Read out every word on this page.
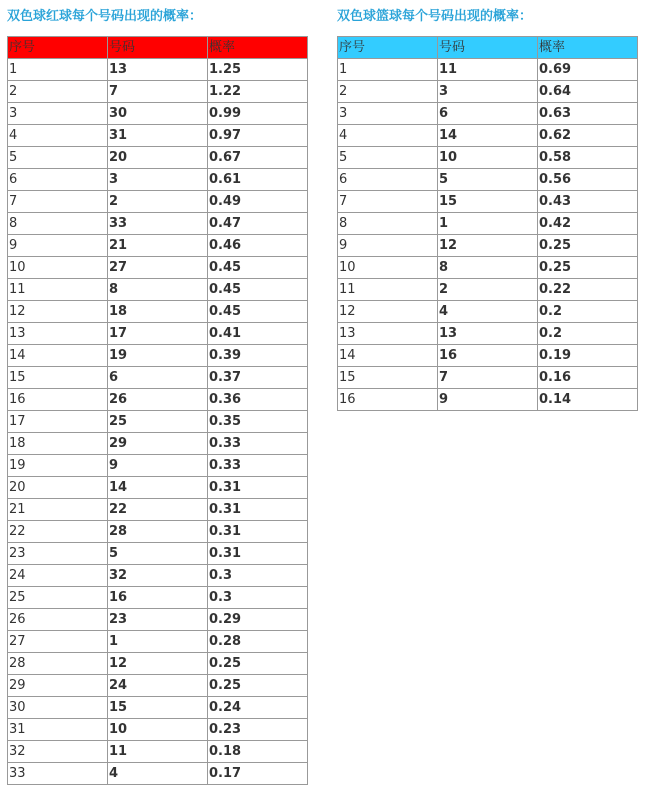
双色球红球每个号码出现的概率：
序号	号码	概率
1	13	1.25
2	7	1.22
3	30	0.99
4	31	0.97
5	20	0.67
6	3	0.61
7	2	0.49
8	33	0.47
9	21	0.46
10	27	0.45
11	8	0.45
12	18	0.45
13	17	0.41
14	19	0.39
15	6	0.37
16	26	0.36
17	25	0.35
18	29	0.33
19	9	0.33
20	14	0.31
21	22	0.31
22	28	0.31
23	5	0.31
24	32	0.3
25	16	0.3
26	23	0.29
27	1	0.28
28	12	0.25
29	24	0.25
30	15	0.24
31	10	0.23
32	11	0.18
33	4	0.17
双色球篮球每个号码出现的概率：
序号	号码	概率
1	11	0.69
2	3	0.64
3	6	0.63
4	14	0.62
5	10	0.58
6	5	0.56
7	15	0.43
8	1	0.42
9	12	0.25
10	8	0.25
11	2	0.22
12	4	0.2
13	13	0.2
14	16	0.19
15	7	0.16
16	9	0.14
